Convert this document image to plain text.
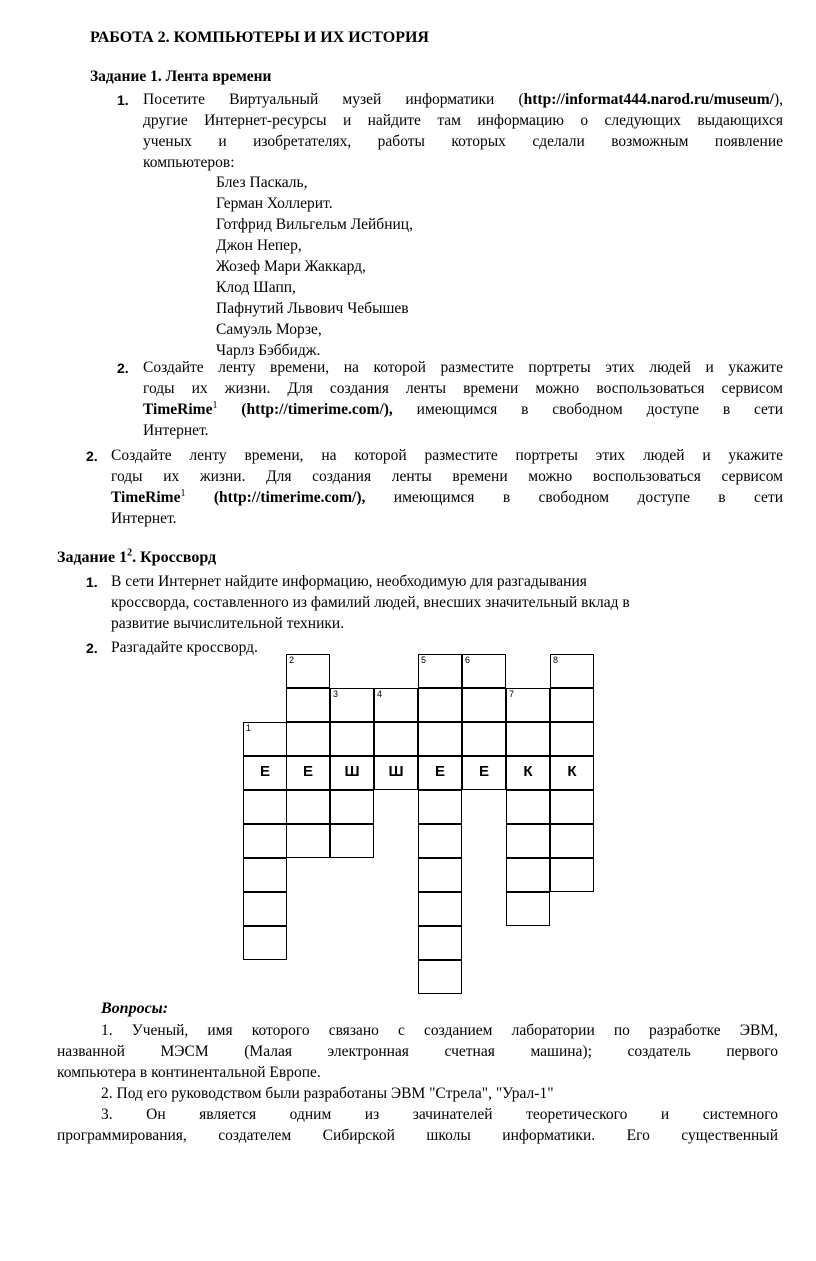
РАБОТА 2. КОМПЬЮТЕРЫ И ИХ ИСТОРИЯ
Задание 1. Лента времени
1. Посетите Виртуальный музей информатики (http://informat444.narod.ru/museum/),
другие Интернет-ресурсы и найдите там информацию о следующих выдающихся
ученых и изобретателях, работы которых сделали возможным появление
компьютеров:
Блез Паскаль,
Герман Холлерит.
Готфрид Вильгельм Лейбниц,
Джон Непер,
Жозеф Мари Жаккард,
Клод Шапп,
Пафнутий Львович Чебышев
Самуэль Морзе,
Чарлз Бэббидж.
2. Создайте ленту времени, на которой разместите портреты этих людей и укажите
годы их жизни. Для создания ленты времени можно воспользоваться сервисом
TimeRime$^1$ (http://timerime.com/), имеющимся в свободном доступе в сети
Интернет.
2. Создайте ленту времени, на которой разместите портреты этих людей и укажите
годы их жизни. Для создания ленты времени можно воспользоваться сервисом
TimeRime$^1$ (http://timerime.com/), имеющимся в свободном доступе в сети
Интернет.
Задание $1^2$. Кроссворд
1. В сети Интернет найдите информацию, необходимую для разгадывания
кроссворда, составленного из фамилий людей, внесших значительный вклад в
развитие вычислительной техники.
2. Разгадайте кроссворд.
1
Е
2
Е
3
Ш
4
Ш
5
Е
6
Е
7
К
8
К
Вопросы:
1. Ученый, имя которого связано с созданием лаборатории по разработке ЭВМ,
названной МЭСМ (Малая электронная счетная машина); создатель первого
компьютера в континентальной Европе.
2. Под его руководством были разработаны ЭВМ "Стрела", "Урал-1"
3. Он является одним из зачинателей теоретического и системного
программирования, создателем Сибирской школы информатики. Его существенный
